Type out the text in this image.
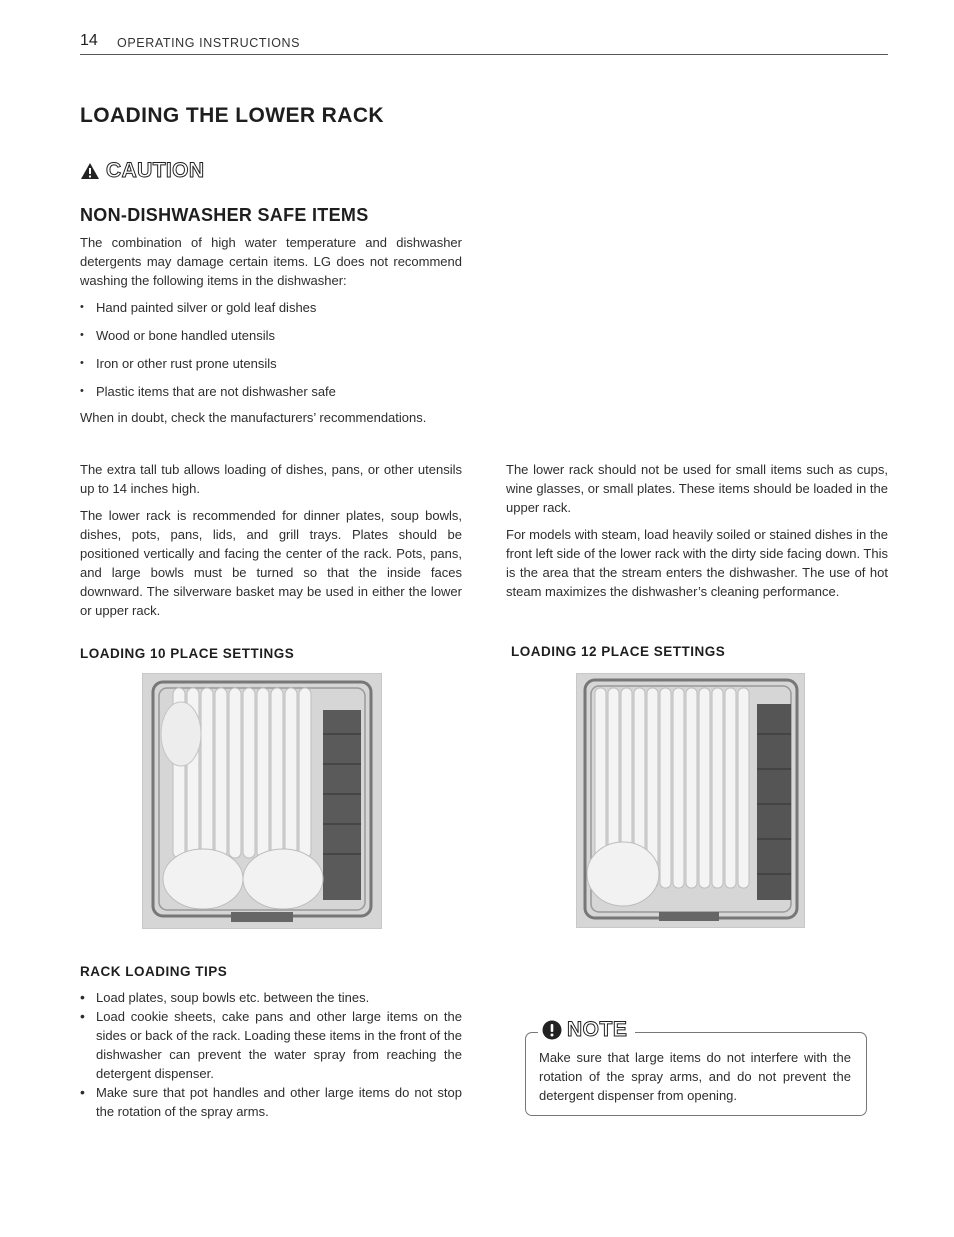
14 OPERATING INSTRUCTIONS
LOADING THE LOWER RACK
CAUTION
NON-DISHWASHER SAFE ITEMS
The combination of high water temperature and dishwasher detergents may damage certain items. LG does not recommend washing the following items in the dishwasher:
• Hand painted silver or gold leaf dishes
• Wood or bone handled utensils
• Iron or other rust prone utensils
• Plastic items that are not dishwasher safe
When in doubt, check the manufacturers’ recommendations.
The extra tall tub allows loading of dishes, pans, or other utensils up to 14 inches high.
The lower rack is recommended for dinner plates, soup bowls, dishes, pots, pans, lids, and grill trays. Plates should be positioned vertically and facing the center of the rack. Pots, pans, and large bowls must be turned so that the inside faces downward. The silverware basket may be used in either the lower or upper rack.
The lower rack should not be used for small items such as cups, wine glasses, or small plates. These items should be loaded in the upper rack.
For models with steam, load heavily soiled or stained dishes in the front left side of the lower rack with the dirty side facing down. This is the area that the stream enters the dishwasher. The use of hot steam maximizes the dishwasher’s cleaning performance.
LOADING 10 PLACE SETTINGS	LOADING 12 PLACE SETTINGS
RACK LOADING TIPS
• Load plates, soup bowls etc. between the tines.
• Load cookie sheets, cake pans and other large items on the sides or back of the rack. Loading these items in the front of the dishwasher can prevent the water spray from reaching the detergent dispenser.
• Make sure that pot handles and other large items do not stop the rotation of the spray arms.
NOTE
Make sure that large items do not interfere with the rotation of the spray arms, and do not prevent the detergent dispenser from opening.
